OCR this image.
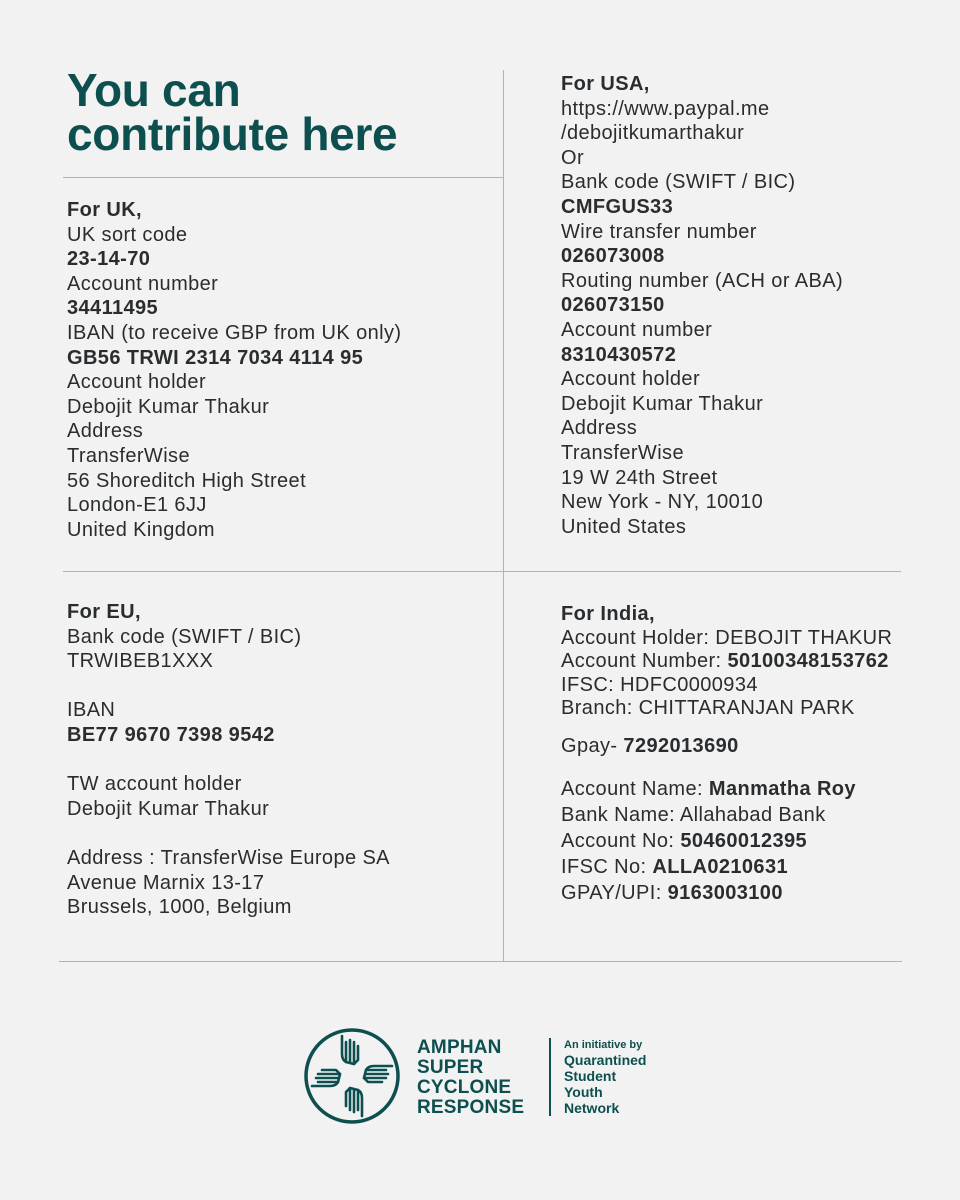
You can
contribute here
For UK,
UK sort code
23-14-70
Account number
34411495
IBAN (to receive GBP from UK only)
GB56 TRWI 2314 7034 4114 95
Account holder
Debojit Kumar Thakur
Address
TransferWise
56 Shoreditch High Street
London-E1 6JJ
United Kingdom
For USA,
https://www.paypal.me
/debojitkumarthakur
Or
Bank code (SWIFT / BIC)
CMFGUS33
Wire transfer number
026073008
Routing number (ACH or ABA)
026073150
Account number
8310430572
Account holder
Debojit Kumar Thakur
Address
TransferWise
19 W 24th Street
New York - NY, 10010
United States
For EU,
Bank code (SWIFT / BIC)
TRWIBEB1XXX
IBAN
BE77 9670 7398 9542
TW account holder
Debojit Kumar Thakur
Address : TransferWise Europe SA
Avenue Marnix 13-17
Brussels, 1000, Belgium
For India,
Account Holder: DEBOJIT THAKUR
Account Number: 50100348153762
IFSC: HDFC0000934
Branch: CHITTARANJAN PARK
Gpay- 7292013690
Account Name: Manmatha Roy
Bank Name: Allahabad Bank
Account No: 50460012395
IFSC No: ALLA0210631
GPAY/UPI: 9163003100
AMPHAN
SUPER
CYCLONE
RESPONSE
An initiative by
Quarantined
Student
Youth
Network
